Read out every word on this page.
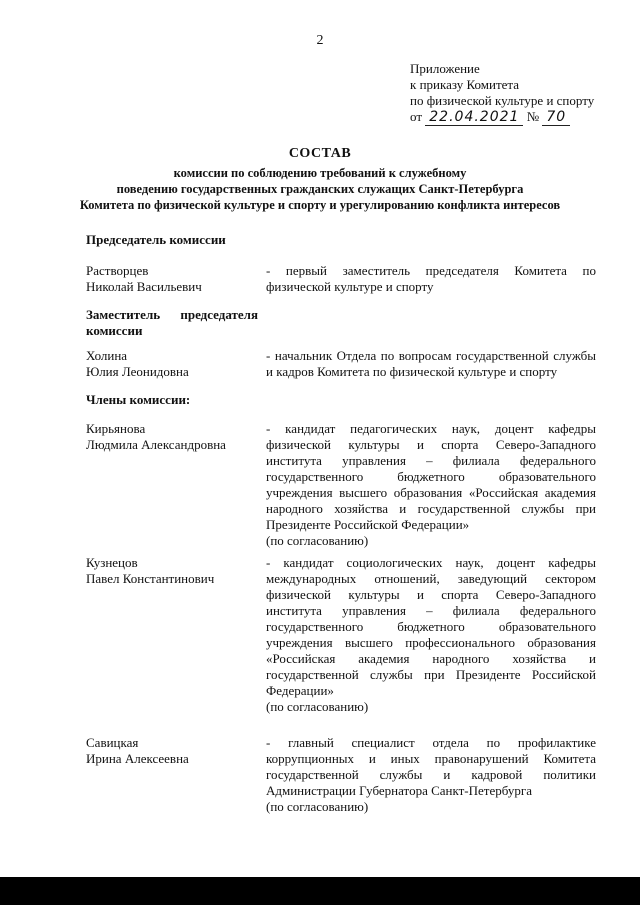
2
Приложение
к приказу Комитета
по физической культуре и спорту
от 22.04.2021 № 70
СОСТАВ
комиссии по соблюдению требований к служебному
поведению государственных гражданских служащих Санкт-Петербурга
Комитета по физической культуре и спорту и урегулированию конфликта интересов
Председатель комиссии
Растворцев
Николай Васильевич
- первый заместитель председателя Комитета по физической культуре и спорту
Заместитель председателя
комиссии
Холина
Юлия Леонидовна
- начальник Отдела по вопросам государственной службы и кадров Комитета по физической культуре и спорту
Члены комиссии:
Кирьянова
Людмила Александровна
- кандидат педагогических наук, доцент кафедры физической культуры и спорта Северо-Западного института управления – филиала федерального государственного бюджетного образовательного учреждения высшего образования «Российская академия народного хозяйства и государственной службы при Президенте Российской Федерации»
(по согласованию)
Кузнецов
Павел Константинович
- кандидат социологических наук, доцент кафедры международных отношений, заведующий сектором физической культуры и спорта Северо-Западного института управления – филиала федерального государственного бюджетного образовательного учреждения высшего профессионального образования «Российская академия народного хозяйства и государственной службы при Президенте Российской Федерации»
(по согласованию)
Савицкая
Ирина Алексеевна
- главный специалист отдела по профилактике коррупционных и иных правонарушений Комитета государственной службы и кадровой политики Администрации Губернатора Санкт-Петербурга
(по согласованию)
